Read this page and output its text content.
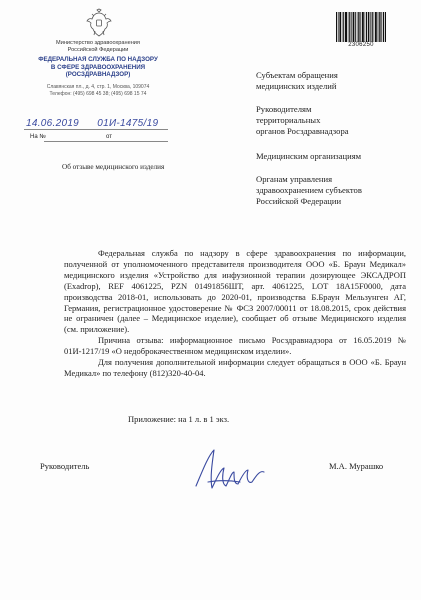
Министерство здравоохранения
Российской Федерации
ФЕДЕРАЛЬНАЯ СЛУЖБА ПО НАДЗОРУ
В СФЕРЕ ЗДРАВООХРАНЕНИЯ
(РОСЗДРАВНАДЗОР)
Славянская пл., д. 4, стр. 1, Москва, 109074
Телефон: (495) 698 45 38; (495) 698 15 74
14.06.2019 01И-1475/19
На №	от
Об отзыве медицинского изделия
2306250
Субъектам обращения
медицинских изделий
Руководителям
территориальных
органов Росздравнадзора
Медицинским организациям
Органам управления
здравоохранением субъектов
Российской Федерации

Федеральная служба по надзору в сфере здравоохранения по информации, полученной от уполномоченного представителя производителя ООО «Б. Браун Медикал» медицинского изделия «Устройство для инфузионной терапии дозирующее ЭКСАДРОП (Exadrop), REF 4061225, PZN 01491856ШТ, арт. 4061225, LOT 18A15F0000, дата производства 2018-01, использовать до 2020-01, производства Б.Браун Мельзунген АГ, Германия, регистрационное удостоверение № ФСЗ 2007/00011 от 18.08.2015, срок действия не ограничен (далее – Медицинское изделие), сообщает об отзыве Медицинского изделия (см. приложение).

Причина отзыва: информационное письмо Росздравнадзора от 16.05.2019 № 01И-1217/19 «О недоброкачественном медицинском изделии».

Для получения дополнительной информации следует обращаться в ООО «Б. Браун Медикал» по телефону (812)320-40-04.

Приложение: на 1 л. в 1 экз.
Руководитель	М.А. Мурашко
